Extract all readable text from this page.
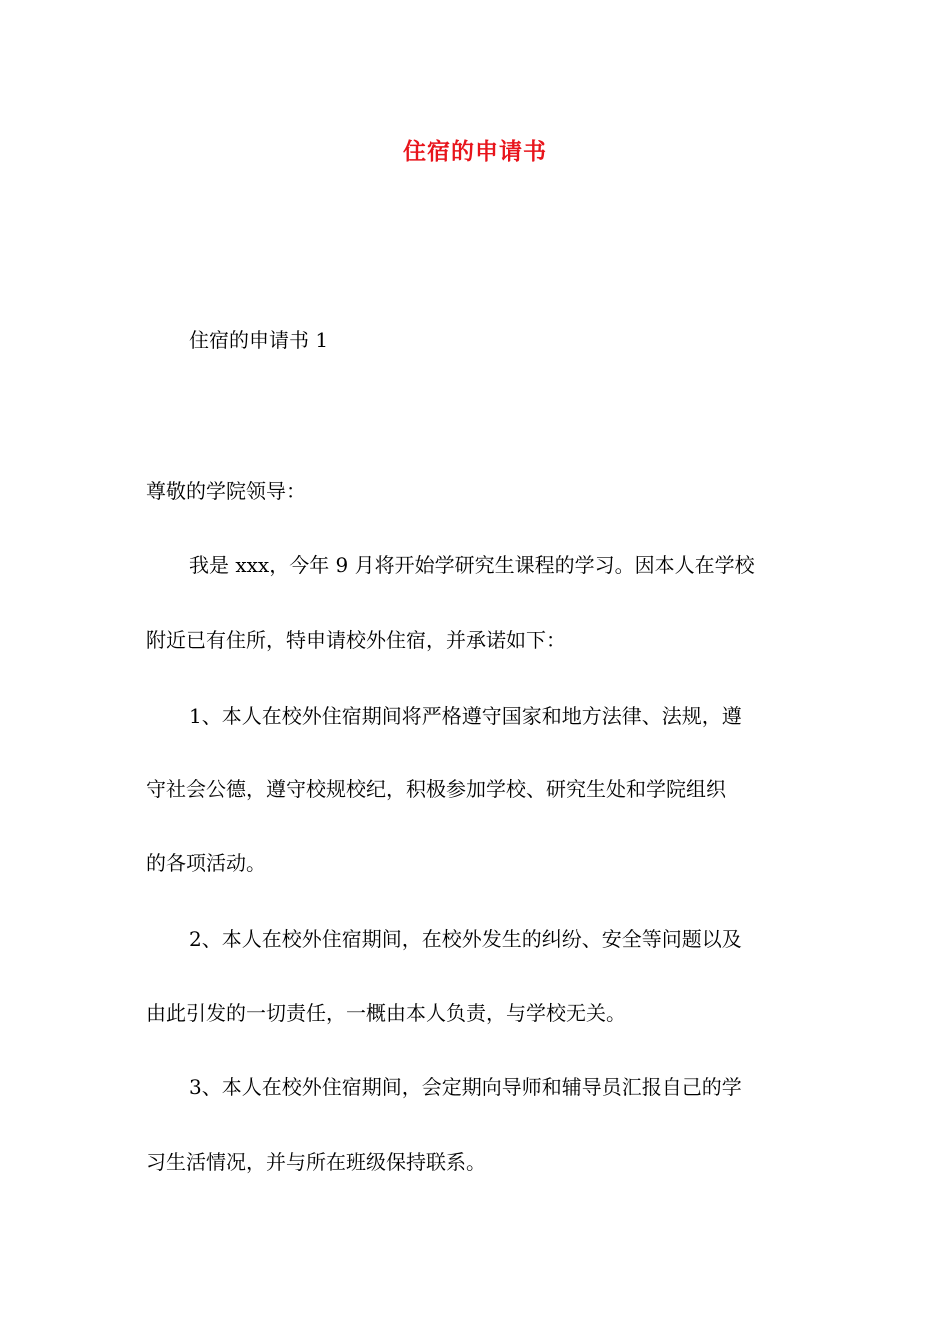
住宿的申请书

住宿的申请书 1

尊敬的学院领导：

我是 xxx，今年 9 月将开始学研究生课程的学习。因本人在学校

附近已有住所，特申请校外住宿，并承诺如下：

1、本人在校外住宿期间将严格遵守国家和地方法律、法规，遵

守社会公德，遵守校规校纪，积极参加学校、研究生处和学院组织

的各项活动。

2、本人在校外住宿期间，在校外发生的纠纷、安全等问题以及

由此引发的一切责任，一概由本人负责，与学校无关。

3、本人在校外住宿期间，会定期向导师和辅导员汇报自己的学

习生活情况，并与所在班级保持联系。
